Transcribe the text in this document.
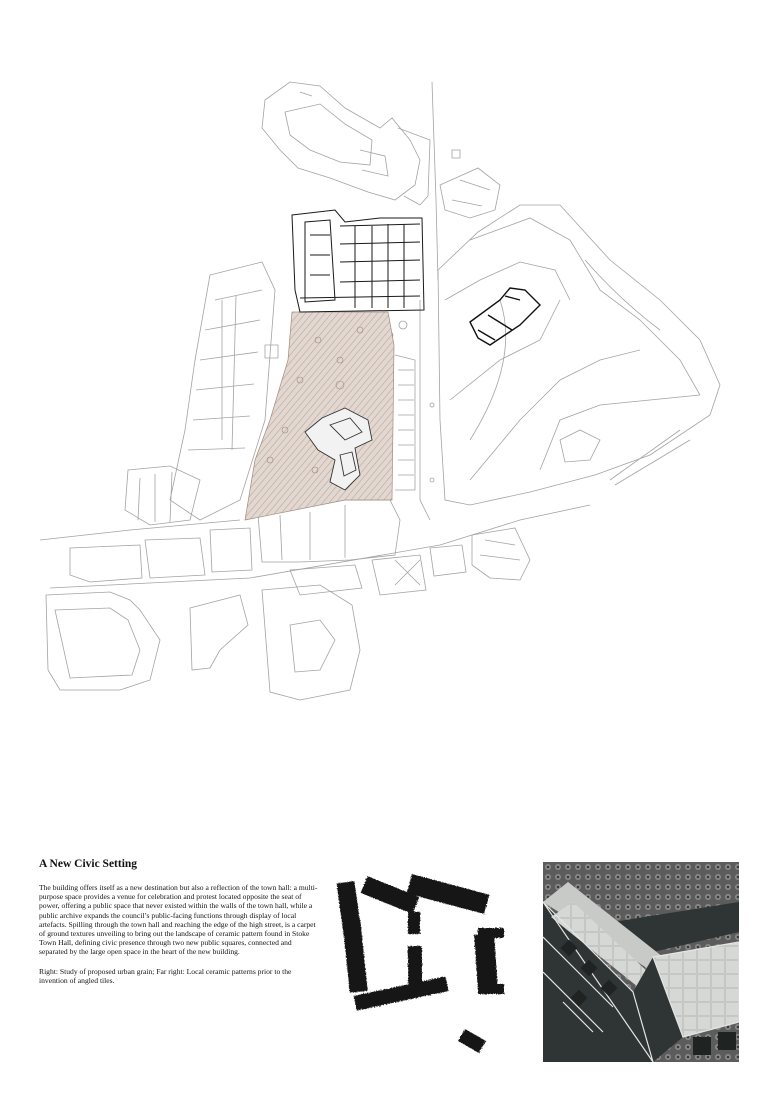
A New Civic Setting

The building offers itself as a new destination but also a reflection of the town hall: a multi-purpose space provides a venue for celebration and protest located opposite the seat of power, offering a public space that never existed within the walls of the town hall, while a public archive expands the council’s public-facing functions through display of local artefacts. Spilling through the town hall and reaching the edge of the high street, is a carpet of ground textures unveiling to bring out the landscape of ceramic pattern found in Stoke Town Hall, defining civic presence through two new public squares, connected and separated by the large open space in the heart of the new building.

Right: Study of proposed urban grain; Far right: Local ceramic patterns prior to the invention of angled tiles.
